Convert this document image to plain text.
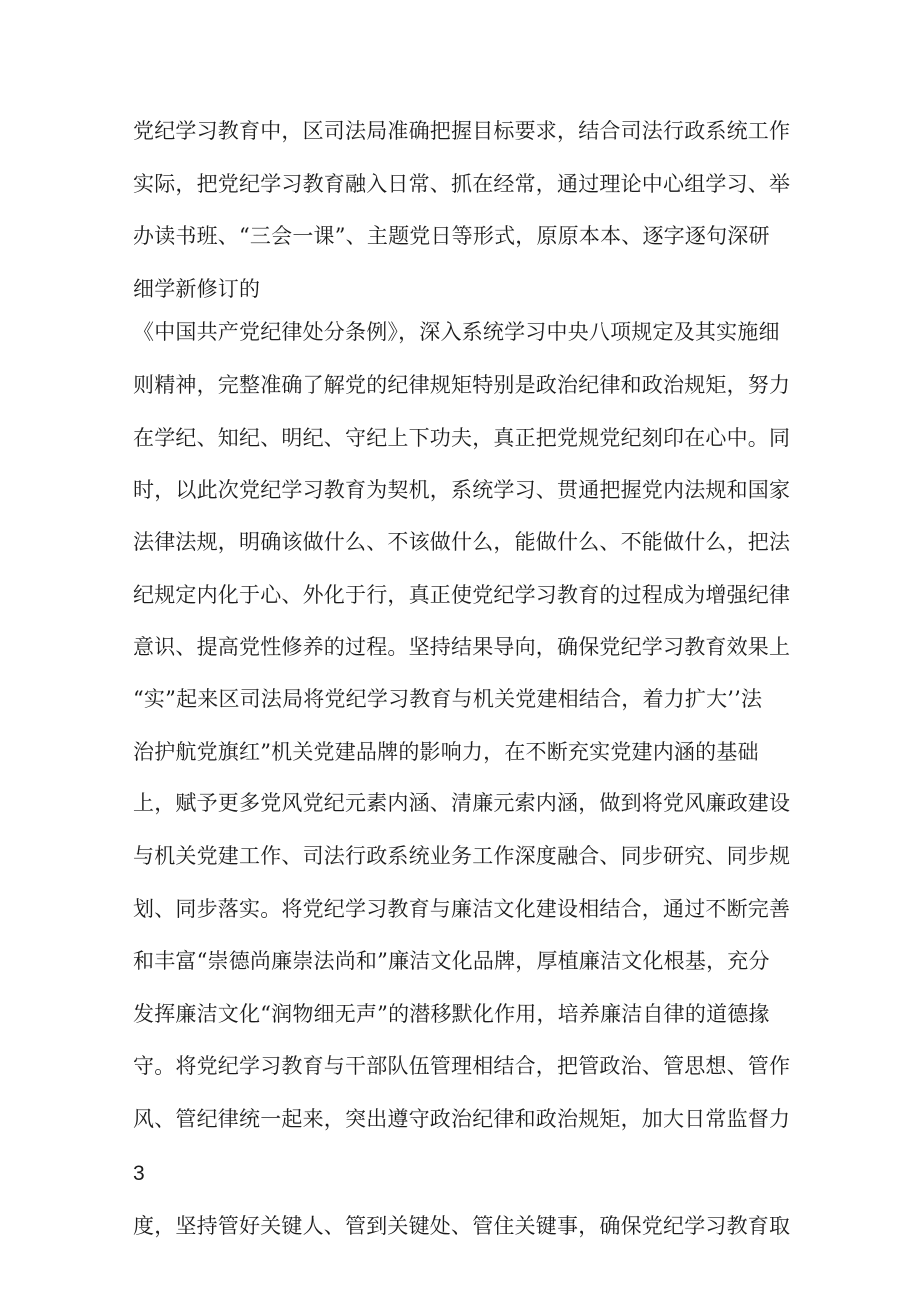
党纪学习教育中，区司法局准确把握目标要求，结合司法行政系统工作
实际，把党纪学习教育融入日常、抓在经常，通过理论中心组学习、举
办读书班、“三会一课”、主题党日等形式，原原本本、逐字逐句深研
细学新修订的
《中国共产党纪律处分条例》，深入系统学习中央八项规定及其实施细
则精神，完整准确了解党的纪律规矩特别是政治纪律和政治规矩，努力
在学纪、知纪、明纪、守纪上下功夫，真正把党规党纪刻印在心中。同
时，以此次党纪学习教育为契机，系统学习、贯通把握党内法规和国家
法律法规，明确该做什么、不该做什么，能做什么、不能做什么，把法
纪规定内化于心、外化于行，真正使党纪学习教育的过程成为增强纪律
意识、提高党性修养的过程。坚持结果导向，确保党纪学习教育效果上
“实”起来区司法局将党纪学习教育与机关党建相结合，着力扩大’’法
治护航党旗红”机关党建品牌的影响力，在不断充实党建内涵的基础
上，赋予更多党风党纪元素内涵、清廉元索内涵，做到将党风廉政建设
与机关党建工作、司法行政系统业务工作深度融合、同步研究、同步规
划、同步落实。将党纪学习教育与廉洁文化建设相结合，通过不断完善
和丰富“崇德尚廉崇法尚和”廉洁文化品牌，厚植廉洁文化根基，充分
发挥廉洁文化“润物细无声”的潜移默化作用，培养廉洁自律的道德掾
守。将党纪学习教育与干部队伍管理相结合，把管政治、管思想、管作
风、管纪律统一起来，突出遵守政治纪律和政治规矩，加大日常监督力
3
度，坚持管好关键人、管到关键处、管住关键事，确保党纪学习教育取
